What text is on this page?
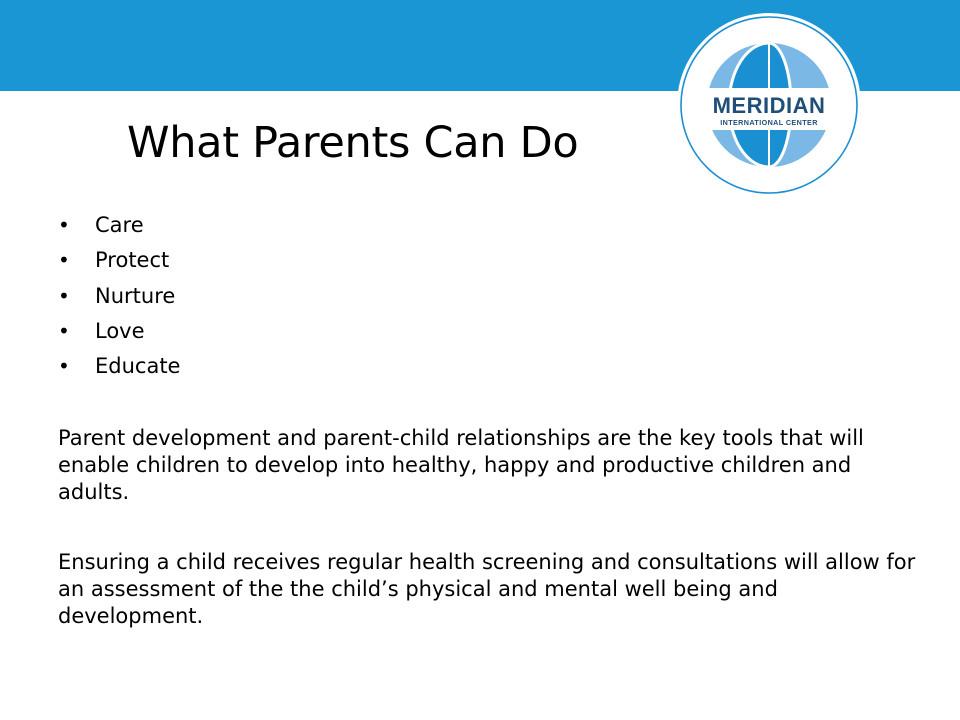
MERIDIAN
INTERNATIONAL CENTER
What Parents Can Do
• Care
• Protect
• Nurture
• Love
• Educate

Parent development and parent-child relationships are the key tools that will enable children to develop into healthy, happy and productive children and adults.

Ensuring a child receives regular health screening and consultations will allow for an assessment of the the child’s physical and mental well being and development.
